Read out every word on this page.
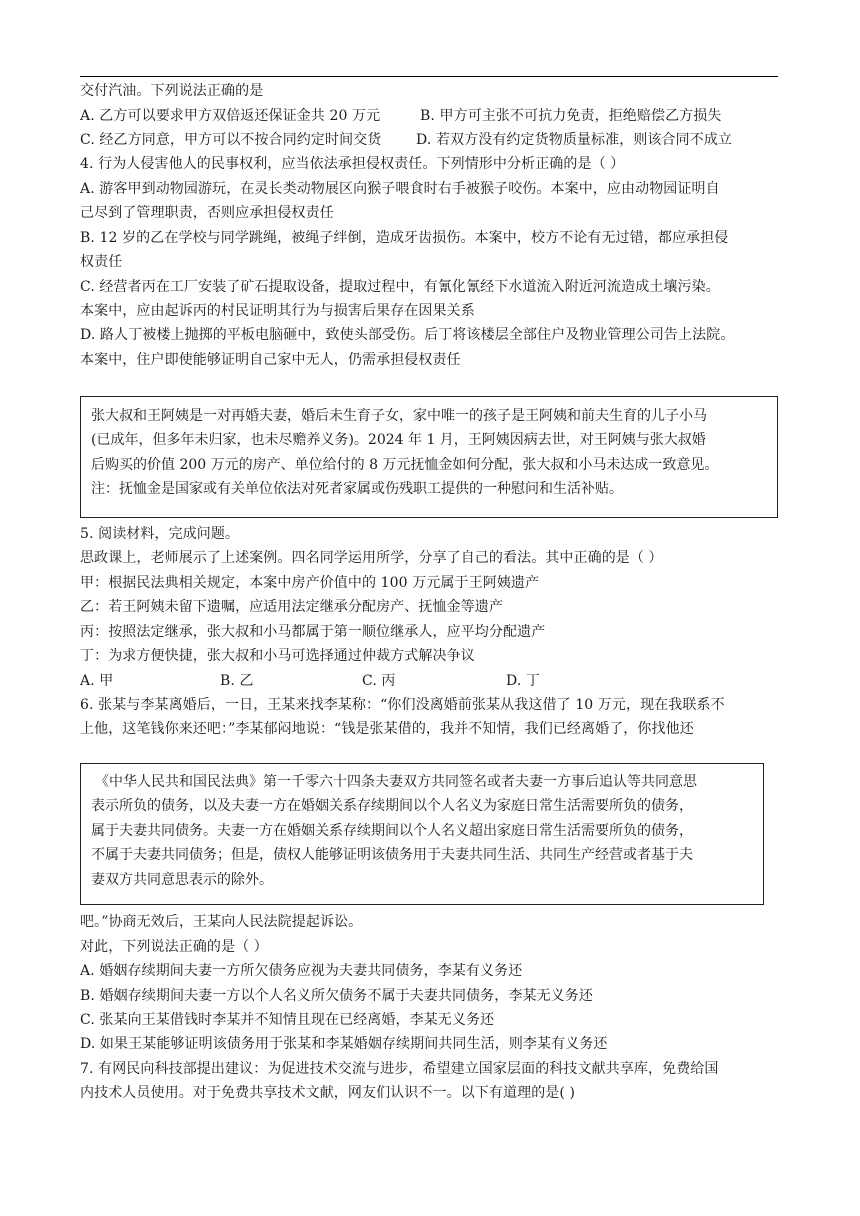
交付汽油。下列说法正确的是
A. 乙方可以要求甲方双倍返还保证金共 20 万元	B. 甲方可主张不可抗力免责，拒绝赔偿乙方损失
C. 经乙方同意，甲方可以不按合同约定时间交货 D. 若双方没有约定货物质量标准，则该合同不成立
4. 行为人侵害他人的民事权利，应当依法承担侵权责任。下列情形中分析正确的是（ ）
A. 游客甲到动物园游玩，在灵长类动物展区向猴子喂食时右手被猴子咬伤。本案中，应由动物园证明自
己尽到了管理职责，否则应承担侵权责任
B. 12 岁的乙在学校与同学跳绳，被绳子绊倒，造成牙齿损伤。本案中，校方不论有无过错，都应承担侵
权责任
C. 经营者丙在工厂安装了矿石提取设备，提取过程中，有氰化氰经下水道流入附近河流造成土壤污染。
本案中，应由起诉丙的村民证明其行为与损害后果存在因果关系
D. 路人丁被楼上抛掷的平板电脑砸中，致使头部受伤。后丁将该楼层全部住户及物业管理公司告上法院。
本案中，住户即使能够证明自己家中无人，仍需承担侵权责任
张大叔和王阿姨是一对再婚夫妻，婚后未生育子女，家中唯一的孩子是王阿姨和前夫生育的儿子小马
(已成年，但多年未归家，也未尽赡养义务)。2024 年 1 月，王阿姨因病去世，对王阿姨与张大叔婚
后购买的价值 200 万元的房产、单位给付的 8 万元抚恤金如何分配，张大叔和小马未达成一致意见。
注：抚恤金是国家或有关单位依法对死者家属或伤残职工提供的一种慰问和生活补贴。
5. 阅读材料，完成问题。
思政课上，老师展示了上述案例。四名同学运用所学，分享了自己的看法。其中正确的是（ ）
甲：根据民法典相关规定，本案中房产价值中的 100 万元属于王阿姨遗产
乙：若王阿姨未留下遗嘱，应适用法定继承分配房产、抚恤金等遗产
丙：按照法定继承，张大叔和小马都属于第一顺位继承人，应平均分配遗产
丁：为求方便快捷，张大叔和小马可选择通过仲裁方式解决争议
A. 甲	B. 乙	C. 丙	D. 丁
6. 张某与李某离婚后，一日，王某来找李某称：“你们没离婚前张某从我这借了 10 万元，现在我联系不
上他，这笔钱你来还吧：”李某郁闷地说：“钱是张某借的，我并不知情，我们已经离婚了，你找他还
《中华人民共和国民法典》第一千零六十四条夫妻双方共同签名或者夫妻一方事后追认等共同意思
表示所负的债务，以及夫妻一方在婚姻关系存续期间以个人名义为家庭日常生活需要所负的债务，
属于夫妻共同债务。夫妻一方在婚姻关系存续期间以个人名义超出家庭日常生活需要所负的债务，
不属于夫妻共同债务；但是，债权人能够证明该债务用于夫妻共同生活、共同生产经营或者基于夫
妻双方共同意思表示的除外。
吧。”协商无效后，王某向人民法院提起诉讼。
对此，下列说法正确的是（ ）
A. 婚姻存续期间夫妻一方所欠债务应视为夫妻共同债务，李某有义务还
B. 婚姻存续期间夫妻一方以个人名义所欠债务不属于夫妻共同债务，李某无义务还
C. 张某向王某借钱时李某并不知情且现在已经离婚，李某无义务还
D. 如果王某能够证明该债务用于张某和李某婚姻存续期间共同生活，则李某有义务还
7. 有网民向科技部提出建议：为促进技术交流与进步，希望建立国家层面的科技文献共享库，免费给国
内技术人员使用。对于免费共享技术文献，网友们认识不一。以下有道理的是( )
